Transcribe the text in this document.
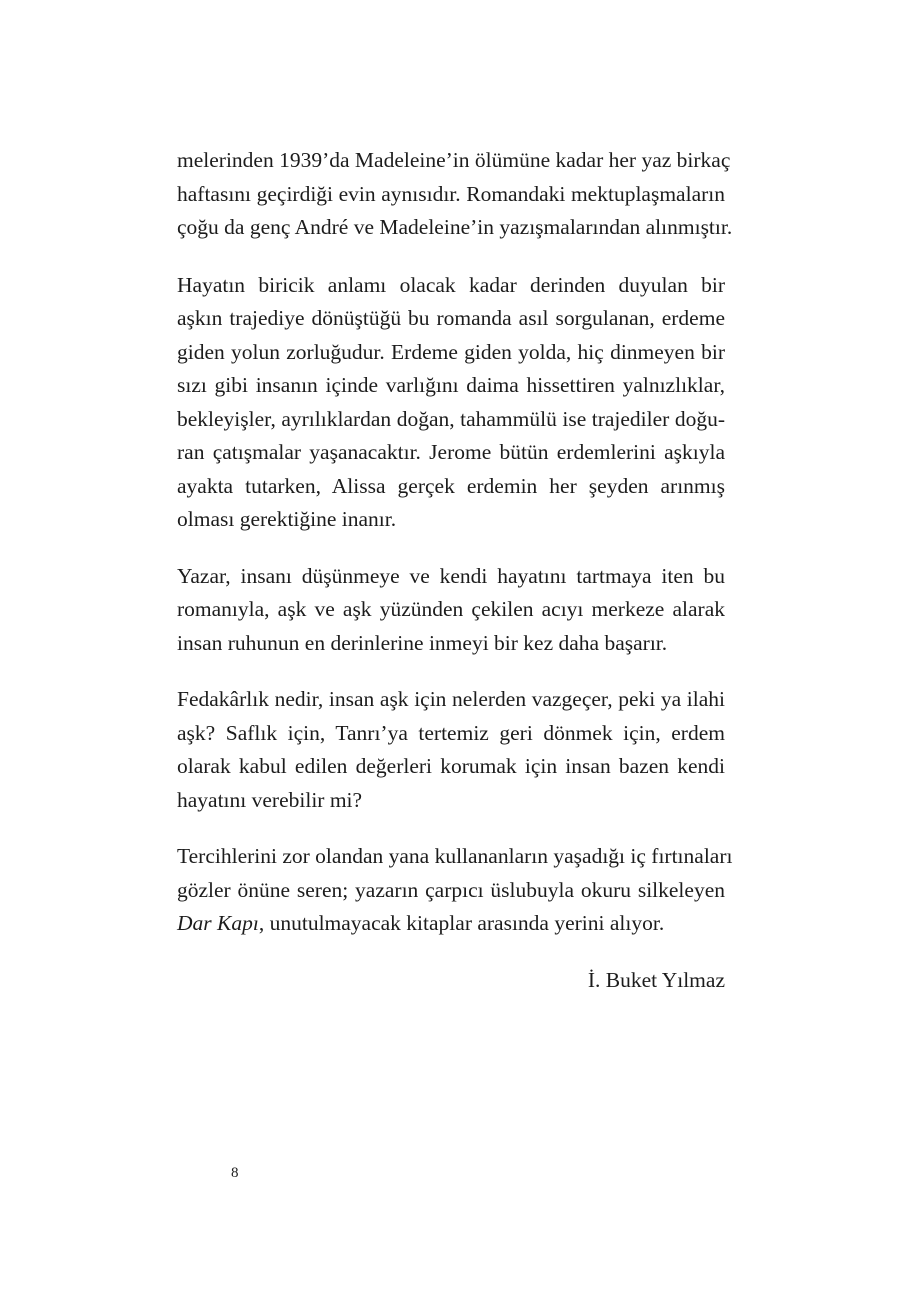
melerinden 1939’da Madeleine’in ölümüne kadar her yaz birkaç
haftasını geçirdiği evin aynısıdır. Romandaki mektuplaşmaların
çoğu da genç André ve Madeleine’in yazışmalarından alınmıştır.

Hayatın biricik anlamı olacak kadar derinden duyulan bir
aşkın trajediye dönüştüğü bu romanda asıl sorgulanan, erdeme
giden yolun zorluğudur. Erdeme giden yolda, hiç dinmeyen bir
sızı gibi insanın içinde varlığını daima hissettiren yalnızlıklar,
bekleyişler, ayrılıklardan doğan, tahammülü ise trajediler doğu-
ran çatışmalar yaşanacaktır. Jerome bütün erdemlerini aşkıyla
ayakta tutarken, Alissa gerçek erdemin her şeyden arınmış
olması gerektiğine inanır.

Yazar, insanı düşünmeye ve kendi hayatını tartmaya iten bu
romanıyla, aşk ve aşk yüzünden çekilen acıyı merkeze alarak
insan ruhunun en derinlerine inmeyi bir kez daha başarır.

Fedakârlık nedir, insan aşk için nelerden vazgeçer, peki ya ilahi
aşk? Saflık için, Tanrı’ya tertemiz geri dönmek için, erdem
olarak kabul edilen değerleri korumak için insan bazen kendi
hayatını verebilir mi?

Tercihlerini zor olandan yana kullananların yaşadığı iç fırtınaları
gözler önüne seren; yazarın çarpıcı üslubuyla okuru silkeleyen
Dar Kapı, unutulmayacak kitaplar arasında yerini alıyor.

İ. Buket Yılmaz
8
